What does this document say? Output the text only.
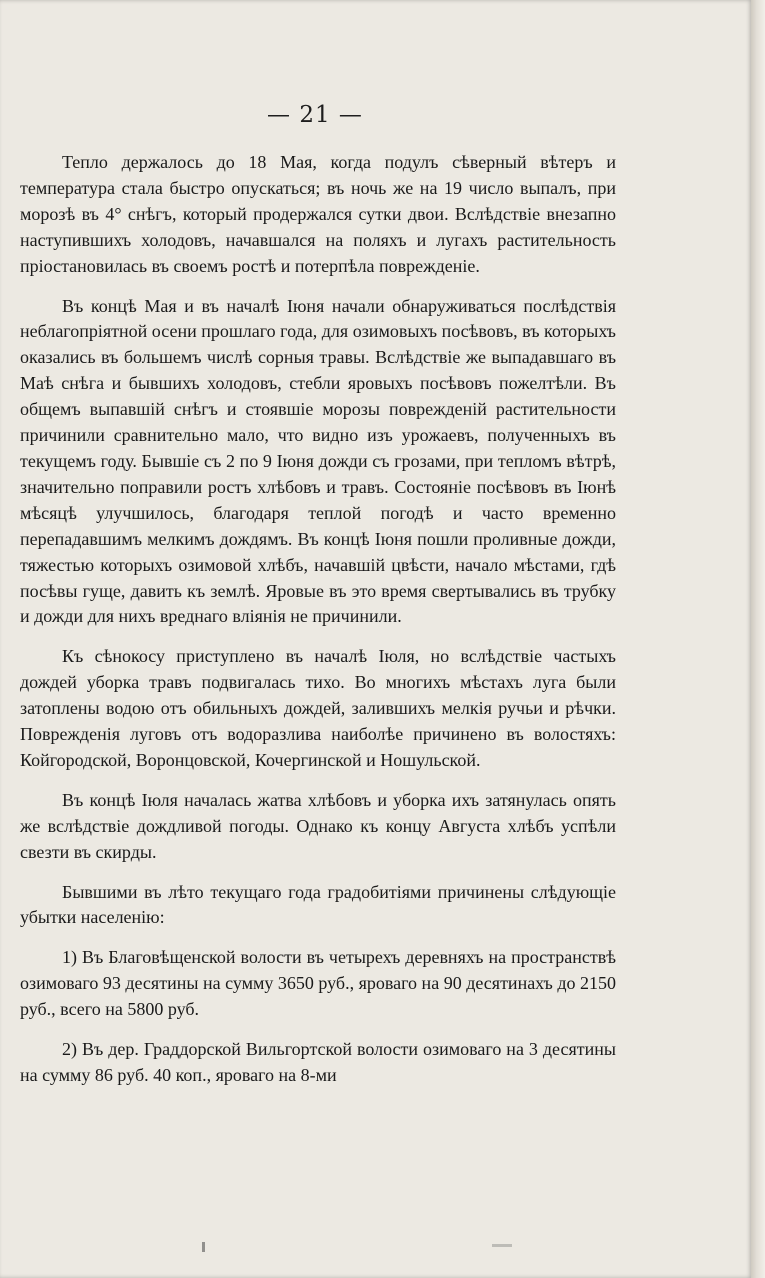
— 21 —

Тепло держалось до 18 Мая, когда подулъ сѣверный вѣтеръ и температура стала быстро опускаться; въ ночь же на 19 число выпалъ, при морозѣ въ 4° снѣгъ, который продержался сутки двои. Вслѣдствіе внезапно наступившихъ холодовъ, начавшался на поляхъ и лугахъ растительность пріостановилась въ своемъ ростѣ и потерпѣла поврежденіе.

Въ концѣ Мая и въ началѣ Іюня начали обнаруживаться послѣдствія неблагопріятной осени прошлаго года, для озимовыхъ посѣвовъ, въ которыхъ оказались въ большемъ числѣ сорныя травы. Вслѣдствіе же выпадавшаго въ Маѣ снѣга и бывшихъ холодовъ, стебли яровыхъ посѣвовъ пожелтѣли. Въ общемъ выпавшій снѣгъ и стоявшіе морозы поврежденій растительности причинили сравнительно мало, что видно изъ урожаевъ, полученныхъ въ текущемъ году. Бывшіе съ 2 по 9 Іюня дожди съ грозами, при тепломъ вѣтрѣ, значительно поправили ростъ хлѣбовъ и травъ. Состояніе посѣвовъ въ Іюнѣ мѣсяцѣ улучшилось, благодаря теплой погодѣ и часто временно перепадавшимъ мелкимъ дождямъ. Въ концѣ Іюня пошли проливные дожди, тяжестью которыхъ озимовой хлѣбъ, начавшій цвѣсти, начало мѣстами, гдѣ посѣвы гуще, давить къ землѣ. Яровые въ это время свертывались въ трубку и дожди для нихъ вреднаго вліянія не причинили.

Къ сѣнокосу приступлено въ началѣ Іюля, но вслѣдствіе частыхъ дождей уборка травъ подвигалась тихо. Во многихъ мѣстахъ луга были затоплены водою отъ обильныхъ дождей, залившихъ мелкія ручьи и рѣчки. Поврежденія луговъ отъ водоразлива наиболѣе причинено въ волостяхъ: Койгородской, Воронцовской, Кочергинской и Ношульской.

Въ концѣ Іюля началась жатва хлѣбовъ и уборка ихъ затянулась опять же вслѣдствіе дождливой погоды. Однако къ концу Августа хлѣбъ успѣли свезти въ скирды.

Бывшими въ лѣто текущаго года градобитіями причинены слѣдующіе убытки населенію:

1) Въ Благовѣщенской волости въ четырехъ деревняхъ на пространствѣ озимоваго 93 десятины на сумму 3650 руб., яроваго на 90 десятинахъ до 2150 руб., всего на 5800 руб.

2) Въ дер. Граддорской Вильгортской волости озимоваго на 3 десятины на сумму 86 руб. 40 коп., яроваго на 8-ми
